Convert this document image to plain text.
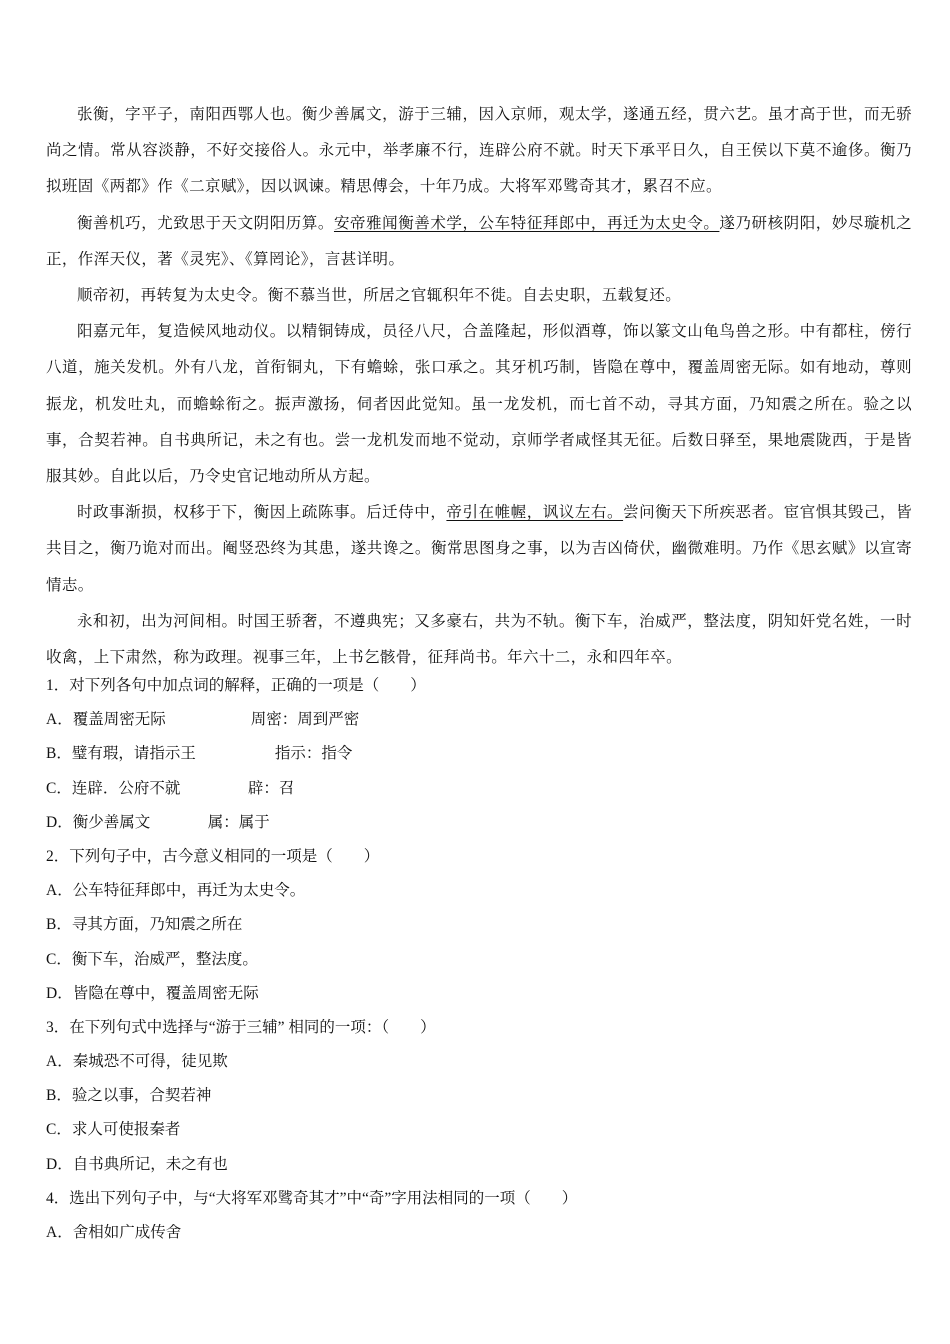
张衡，字平子，南阳西鄂人也。衡少善属文，游于三辅，因入京师，观太学，遂通五经，贯六艺。虽才高于世，而无骄尚之情。常从容淡静，不好交接俗人。永元中，举孝廉不行，连辟公府不就。时天下承平日久，自王侯以下莫不逾侈。衡乃拟班固《两都》作《二京赋》，因以讽谏。精思傅会，十年乃成。大将军邓骘奇其才，累召不应。

衡善机巧，尤致思于天文阴阳历算。安帝雅闻衡善术学，公车特征拜郎中，再迁为太史令。遂乃研核阴阳，妙尽璇机之正，作浑天仪，著《灵宪》、《算罔论》，言甚详明。

顺帝初，再转复为太史令。衡不慕当世，所居之官辄积年不徙。自去史职，五载复还。

阳嘉元年，复造候风地动仪。以精铜铸成，员径八尺，合盖隆起，形似酒尊，饰以篆文山龟鸟兽之形。中有都柱，傍行八道，施关发机。外有八龙，首衔铜丸，下有蟾蜍，张口承之。其牙机巧制，皆隐在尊中，覆盖周密无际。如有地动，尊则振龙，机发吐丸，而蟾蜍衔之。振声激扬，伺者因此觉知。虽一龙发机，而七首不动，寻其方面，乃知震之所在。验之以事，合契若神。自书典所记，未之有也。尝一龙机发而地不觉动，京师学者咸怪其无征。后数日驿至，果地震陇西，于是皆服其妙。自此以后，乃令史官记地动所从方起。

时政事渐损，权移于下，衡因上疏陈事。后迁侍中，帝引在帷幄，讽议左右。尝问衡天下所疾恶者。宦官惧其毁己，皆共目之，衡乃诡对而出。阉竖恐终为其患，遂共谗之。衡常思图身之事，以为吉凶倚伏，幽微难明。乃作《思玄赋》以宣寄情志。

永和初，出为河间相。时国王骄奢，不遵典宪；又多豪右，共为不轨。衡下车，治威严，整法度，阴知奸党名姓，一时收禽，上下肃然，称为政理。视事三年，上书乞骸骨，征拜尚书。年六十二，永和四年卒。

1．对下列各句中加点词的解释，正确的一项是（　　）
A．覆盖周密无际	周密：周到严密
B．璧有瑕，请指示王	指示：指令
C．连辟．公府不就	辟：召
D．衡少善属文	属：属于
2．下列句子中，古今意义相同的一项是（　　）
A．公车特征拜郎中，再迁为太史令。
B．寻其方面，乃知震之所在
C．衡下车，治威严，整法度。
D．皆隐在尊中，覆盖周密无际
3．在下列句式中选择与“游于三辅” 相同的一项：（　　）
A．秦城恐不可得，徒见欺
B．验之以事，合契若神
C．求人可使报秦者
D．自书典所记，未之有也
4．选出下列句子中，与“大将军邓骘奇其才”中“奇”字用法相同的一项（　　）
A．舍相如广成传舍
